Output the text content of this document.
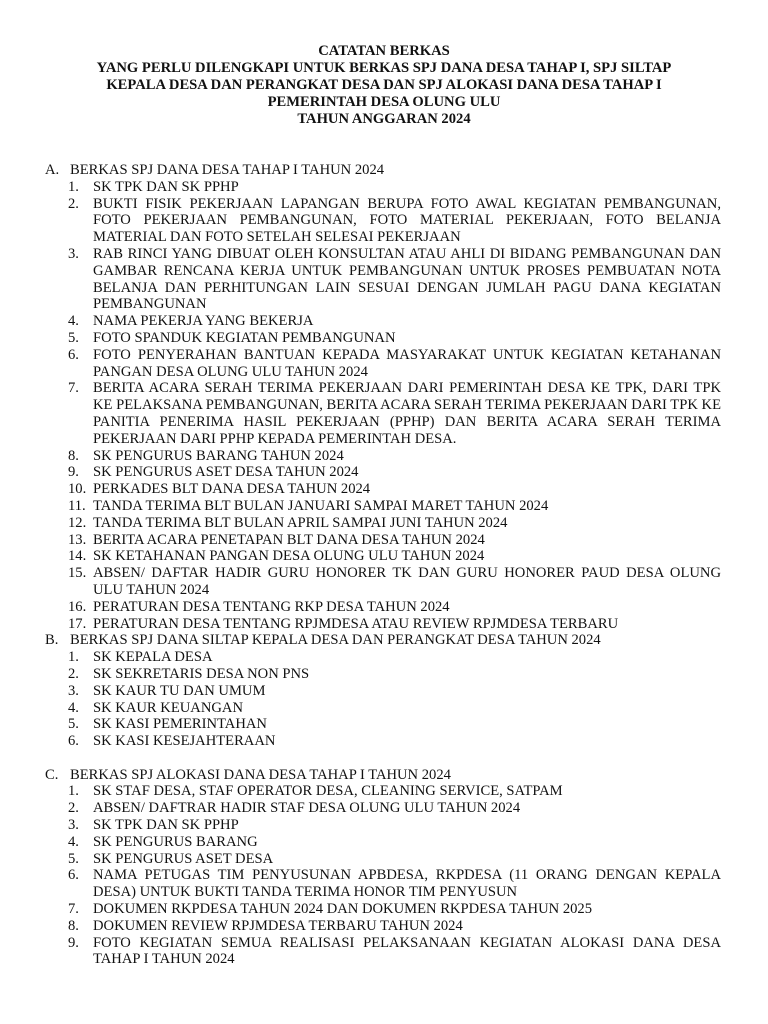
CATATAN BERKAS
YANG PERLU DILENGKAPI UNTUK BERKAS SPJ DANA DESA TAHAP I, SPJ SILTAP
KEPALA DESA DAN PERANGKAT DESA DAN SPJ ALOKASI DANA DESA TAHAP I
PEMERINTAH DESA OLUNG ULU
TAHUN ANGGARAN 2024
A. BERKAS SPJ DANA DESA TAHAP I TAHUN 2024
1. SK TPK DAN SK PPHP
2. BUKTI FISIK PEKERJAAN LAPANGAN BERUPA FOTO AWAL KEGIATAN PEMBANGUNAN, FOTO PEKERJAAN PEMBANGUNAN, FOTO MATERIAL PEKERJAAN, FOTO BELANJA MATERIAL DAN FOTO SETELAH SELESAI PEKERJAAN
3. RAB RINCI YANG DIBUAT OLEH KONSULTAN ATAU AHLI DI BIDANG PEMBANGUNAN DAN GAMBAR RENCANA KERJA UNTUK PEMBANGUNAN UNTUK PROSES PEMBUATAN NOTA BELANJA DAN PERHITUNGAN LAIN SESUAI DENGAN JUMLAH PAGU DANA KEGIATAN PEMBANGUNAN
4. NAMA PEKERJA YANG BEKERJA
5. FOTO SPANDUK KEGIATAN PEMBANGUNAN
6. FOTO PENYERAHAN BANTUAN KEPADA MASYARAKAT UNTUK KEGIATAN KETAHANAN PANGAN DESA OLUNG ULU TAHUN 2024
7. BERITA ACARA SERAH TERIMA PEKERJAAN DARI PEMERINTAH DESA KE TPK, DARI TPK KE PELAKSANA PEMBANGUNAN, BERITA ACARA SERAH TERIMA PEKERJAAN DARI TPK KE PANITIA PENERIMA HASIL PEKERJAAN (PPHP) DAN BERITA ACARA SERAH TERIMA PEKERJAAN DARI PPHP KEPADA PEMERINTAH DESA.
8. SK PENGURUS BARANG TAHUN 2024
9. SK PENGURUS ASET DESA TAHUN 2024
10. PERKADES BLT DANA DESA TAHUN 2024
11. TANDA TERIMA BLT BULAN JANUARI SAMPAI MARET TAHUN 2024
12. TANDA TERIMA BLT BULAN APRIL SAMPAI JUNI TAHUN 2024
13. BERITA ACARA PENETAPAN BLT DANA DESA TAHUN 2024
14. SK KETAHANAN PANGAN DESA OLUNG ULU TAHUN 2024
15. ABSEN/ DAFTAR HADIR GURU HONORER TK DAN GURU HONORER PAUD DESA OLUNG ULU TAHUN 2024
16. PERATURAN DESA TENTANG RKP DESA TAHUN 2024
17. PERATURAN DESA TENTANG RPJMDESA ATAU REVIEW RPJMDESA TERBARU
B. BERKAS SPJ DANA SILTAP KEPALA DESA DAN PERANGKAT DESA TAHUN 2024
1. SK KEPALA DESA
2. SK SEKRETARIS DESA NON PNS
3. SK KAUR TU DAN UMUM
4. SK KAUR KEUANGAN
5. SK KASI PEMERINTAHAN
6. SK KASI KESEJAHTERAAN
C. BERKAS SPJ ALOKASI DANA DESA TAHAP I TAHUN 2024
1. SK STAF DESA, STAF OPERATOR DESA, CLEANING SERVICE, SATPAM
2. ABSEN/ DAFTRAR HADIR STAF DESA OLUNG ULU TAHUN 2024
3. SK TPK DAN SK PPHP
4. SK PENGURUS BARANG
5. SK PENGURUS ASET DESA
6. NAMA PETUGAS TIM PENYUSUNAN APBDESA, RKPDESA (11 ORANG DENGAN KEPALA DESA) UNTUK BUKTI TANDA TERIMA HONOR TIM PENYUSUN
7. DOKUMEN RKPDESA TAHUN 2024 DAN DOKUMEN RKPDESA TAHUN 2025
8. DOKUMEN REVIEW RPJMDESA TERBARU TAHUN 2024
9. FOTO KEGIATAN SEMUA REALISASI PELAKSANAAN KEGIATAN ALOKASI DANA DESA TAHAP I TAHUN 2024
